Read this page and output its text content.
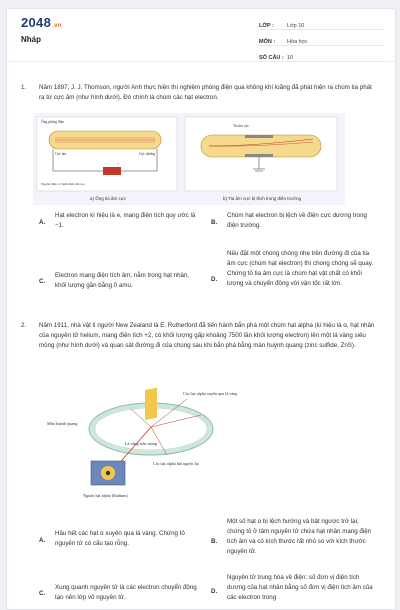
2048.vn
Nháp
LỚP :	Lớp 10
MÔN :	Hóa học
SỐ CÂU : 10
1.	Năm 1897, J. J. Thomson, người Anh thực hiện thí nghiệm phóng điện qua không khí loãng đã phát hiện ra chùm tia phát ra từ cực âm (như hình dưới). Đó chính là chùm các hạt electron.
Ống phóng điện
Cực âm	Cực dương
− +
Nguồn điện có hiệu điện thế cao
Tia âm cực
a) Ống tia âm cực	b) Tia âm cực bị lệch trong điện trường
A.
Hạt electron kí hiệu là e, mang điện tích quy ước là −1.	B.
Chùm hạt electron bị lệch về điện cực dương trong điện trường.
C.
Electron mang điện tích âm, nằm trong hạt nhân, khối lượng gần bằng 0 amu.
D.
Nếu đặt một chong chóng nhẹ trên đường đi của tia âm cực (chùm hạt electron) thì chong chóng sẽ quay. Chứng tỏ tia âm cực là chùm hạt vật chất có khối lượng và chuyển động với vận tốc rất lớn.
2.	Năm 1911, nhà vật lí người New Zealand là E. Rutherford đã tiến hành bắn phá một chùm hạt alpha (kí hiệu là α, hạt nhân của nguyên tử helium, mang điện tích +2, có khối lượng gấp khoảng 7500 lần khối lượng electron) lên một lá vàng siêu mỏng (như hình dưới) và quan sát đường đi của chúng sau khi bắn phá bằng màn huỳnh quang (zinc sulfide, ZnS).
Các hạt alpha xuyên qua lá vàng
Màn huỳnh quang
Lá vàng siêu mỏng
Các hạt alpha bật ngược lại
Nguồn hạt alpha (Radium)
A.
Hầu hết các hạt α xuyên qua lá vàng. Chứng tỏ nguyên tử có cấu tạo rỗng.	B.
Một số hạt α bị lệch hướng và bật ngược trở lại, chứng tỏ ở tâm nguyên tử chứa hạt nhân mang điện tích âm và có kích thước rất nhỏ so với kích thước nguyên tử.
C.
Xung quanh nguyên tử là các electron chuyển động tạo nên lớp vỏ nguyên tử.
D.
Nguyên tử trung hòa về điện: số đơn vị điện tích dương của hạt nhân bằng số đơn vị điện tích âm của các electron trong
